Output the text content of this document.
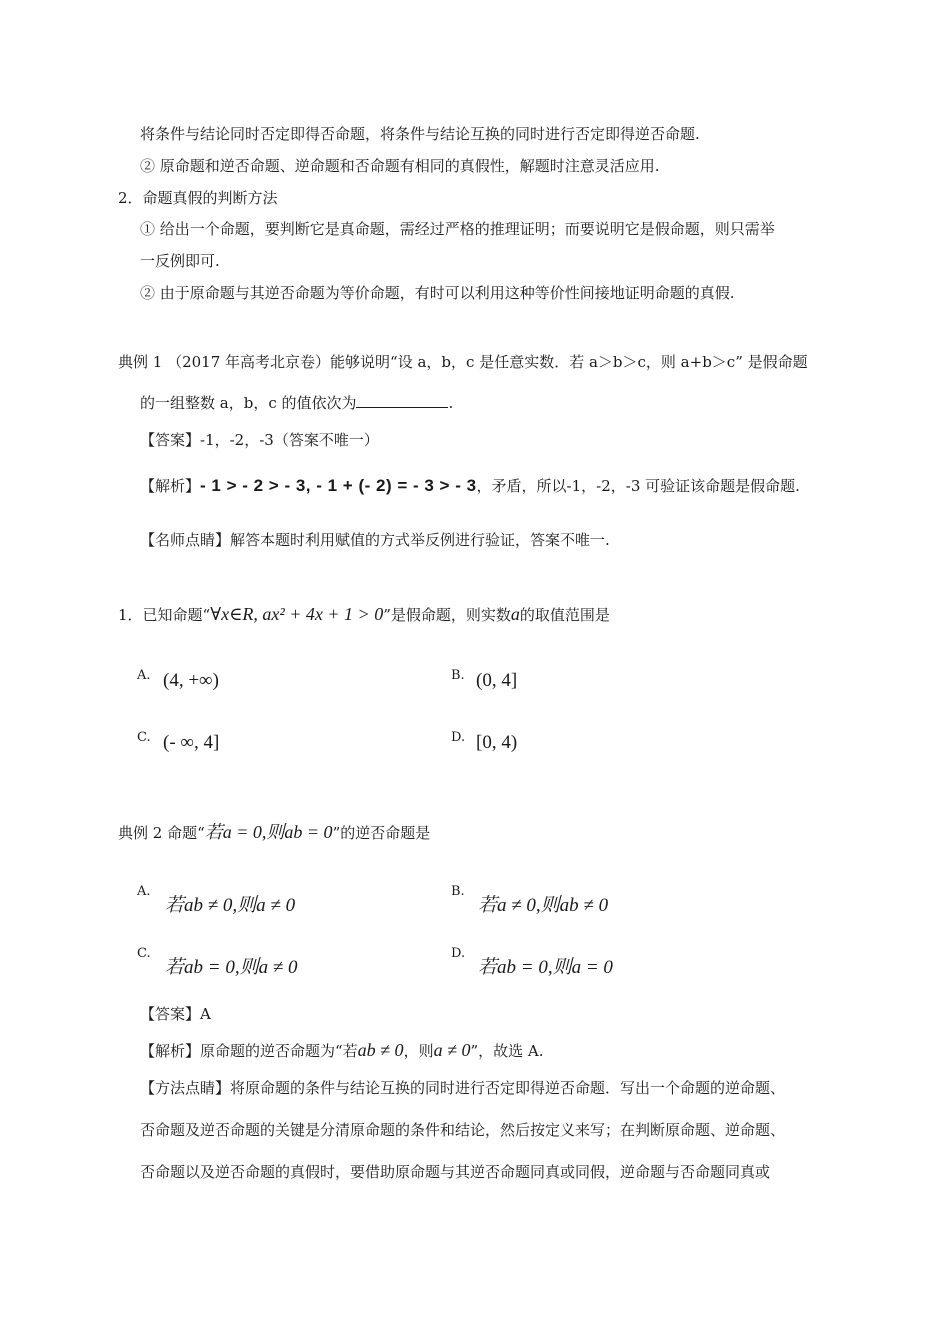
将条件与结论同时否定即得否命题，将条件与结论互换的同时进行否定即得逆否命题.
② 原命题和逆否命题、逆命题和否命题有相同的真假性，解题时注意灵活应用.
2．命题真假的判断方法
① 给出一个命题，要判断它是真命题，需经过严格的推理证明；而要说明它是假命题，则只需举
一反例即可.
② 由于原命题与其逆否命题为等价命题，有时可以利用这种等价性间接地证明命题的真假.
典例 1 （2017 年高考北京卷）能够说明“设 a，b，c 是任意实数．若 a＞b＞c，则 a+b＞c” 是假命题
的一组整数 a，b，c 的值依次为	.
【答案】-1，-2，-3（答案不唯一）
【解析】- 1 > - 2 > - 3, - 1 + (- 2) = - 3 > - 3，矛盾，所以-1，-2，-3 可验证该命题是假命题.
【名师点睛】解答本题时利用赋值的方式举反例进行验证，答案不唯一.
1．已知命题“∀x∈R, ax² + 4x + 1 > 0”是假命题，则实数a的取值范围是
A. (4, +∞)	B. (0, 4]
C. (- ∞, 4]	D. [0, 4)
典例 2 命题“若a = 0,则ab = 0”的逆否命题是
A.
若ab ≠ 0,则a ≠ 0
B.
若a ≠ 0,则ab ≠ 0
C.
若ab = 0,则a ≠ 0
D.
若ab = 0,则a = 0
【答案】A
【解析】原命题的逆否命题为“若ab ≠ 0，则a ≠ 0”，故选 A.
【方法点睛】将原命题的条件与结论互换的同时进行否定即得逆否命题．写出一个命题的逆命题、
否命题及逆否命题的关键是分清原命题的条件和结论，然后按定义来写；在判断原命题、逆命题、
否命题以及逆否命题的真假时，要借助原命题与其逆否命题同真或同假，逆命题与否命题同真或
